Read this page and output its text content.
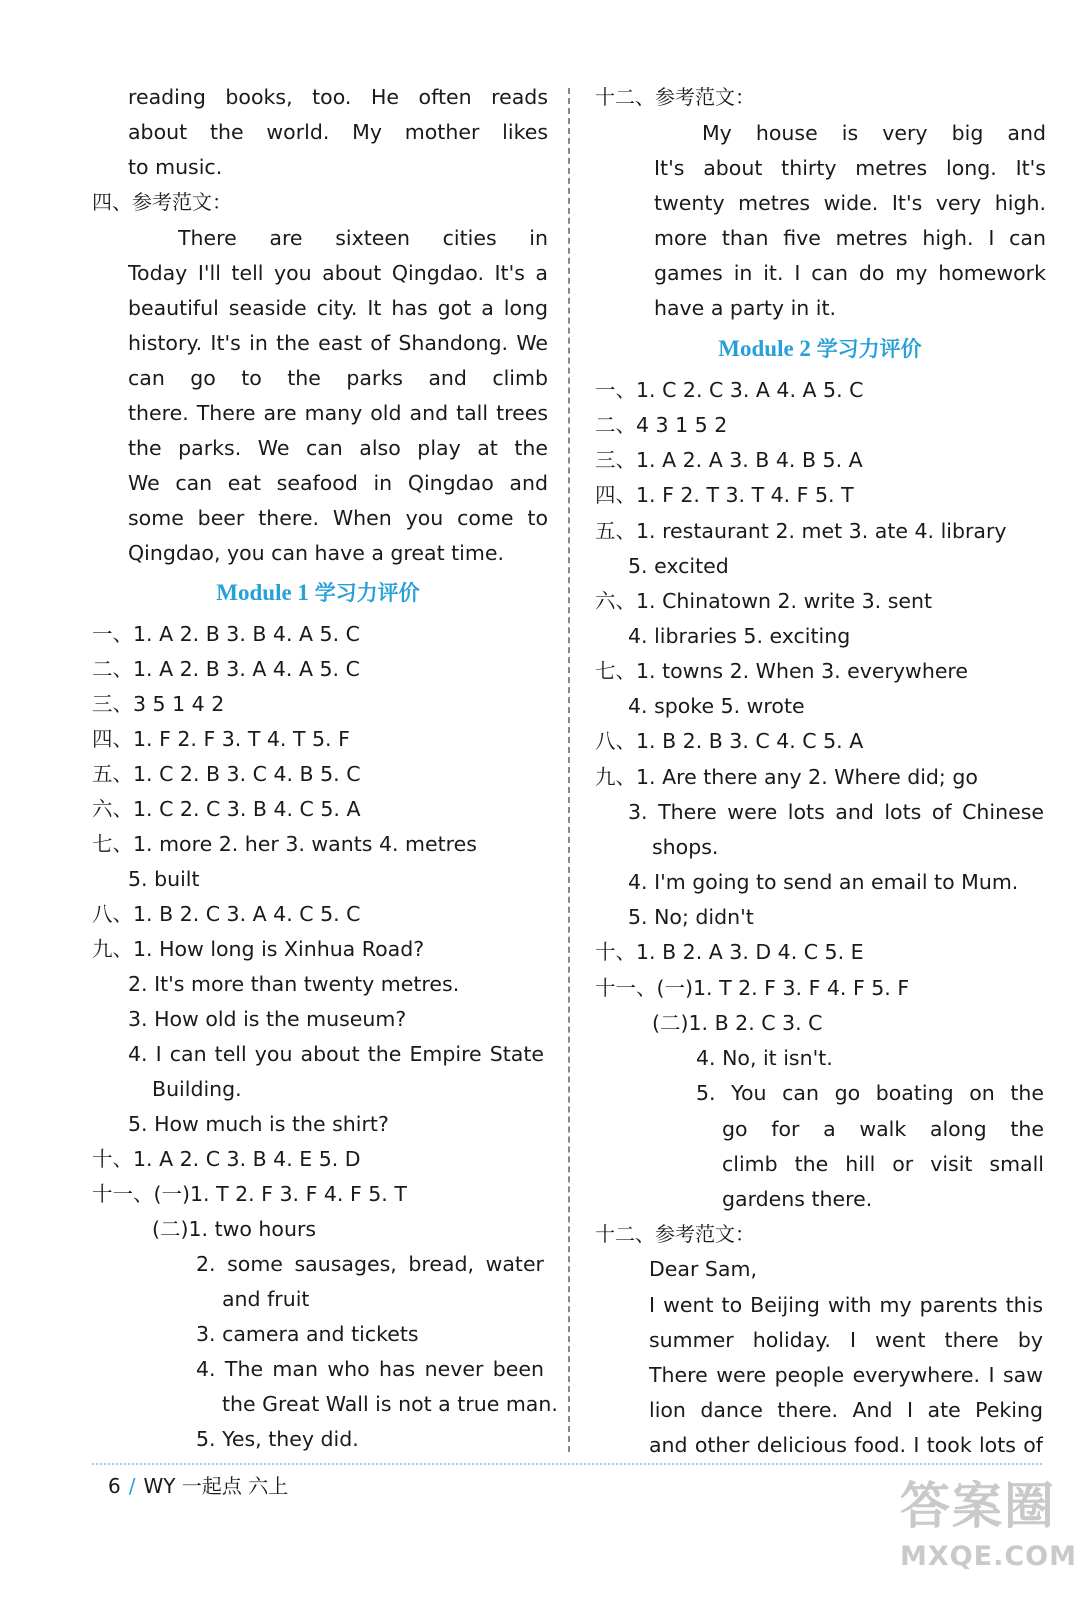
reading books, too. He often reads
about the world. My mother likes
to music.
四、参考范文：
There are sixteen cities in
Today I'll tell you about Qingdao. It's a
beautiful seaside city. It has got a long
history. It's in the east of Shandong. We
can go to the parks and climb
there. There are many old and tall trees
the parks. We can also play at the
We can eat seafood in Qingdao and
some beer there. When you come to
Qingdao, you can have a great time.
Module 1 学习力评价
一、1. A 2. B 3. B 4. A 5. C
二、1. A 2. B 3. A 4. A 5. C
三、3 5 1 4 2
四、1. F 2. F 3. T 4. T 5. F
五、1. C 2. B 3. C 4. B 5. C
六、1. C 2. C 3. B 4. C 5. A
七、1. more 2. her 3. wants 4. metres
5. built
八、1. B 2. C 3. A 4. C 5. C
九、1. How long is Xinhua Road?
2. It's more than twenty metres.
3. How old is the museum?
4. I can tell you about the Empire State
Building.
5. How much is the shirt?
十、1. A 2. C 3. B 4. E 5. D
十一、(一)1. T 2. F 3. F 4. F 5. T
(二)1. two hours
2. some sausages, bread, water
and fruit
3. camera and tickets
4. The man who has never been
the Great Wall is not a true man.
5. Yes, they did.
十二、参考范文：
My house is very big and
It's about thirty metres long. It's
twenty metres wide. It's very high.
more than five metres high. I can
games in it. I can do my homework
have a party in it.
Module 2 学习力评价
一、1. C 2. C 3. A 4. A 5. C
二、4 3 1 5 2
三、1. A 2. A 3. B 4. B 5. A
四、1. F 2. T 3. T 4. F 5. T
五、1. restaurant 2. met 3. ate 4. library
5. excited
六、1. Chinatown 2. write 3. sent
4. libraries 5. exciting
七、1. towns 2. When 3. everywhere
4. spoke 5. wrote
八、1. B 2. B 3. C 4. C 5. A
九、1. Are there any 2. Where did; go
3. There were lots and lots of Chinese
shops.
4. I'm going to send an email to Mum.
5. No; didn't
十、1. B 2. A 3. D 4. C 5. E
十一、(一)1. T 2. F 3. F 4. F 5. F
(二)1. B 2. C 3. C
4. No, it isn't.
5. You can go boating on the
go for a walk along the
climb the hill or visit small
gardens there.
十二、参考范文：
Dear Sam,
I went to Beijing with my parents this
summer holiday. I went there by
There were people everywhere. I saw
lion dance there. And I ate Peking
and other delicious food. I took lots of
6 / WY 一起点 六上	答案圈
MXQE.COM
